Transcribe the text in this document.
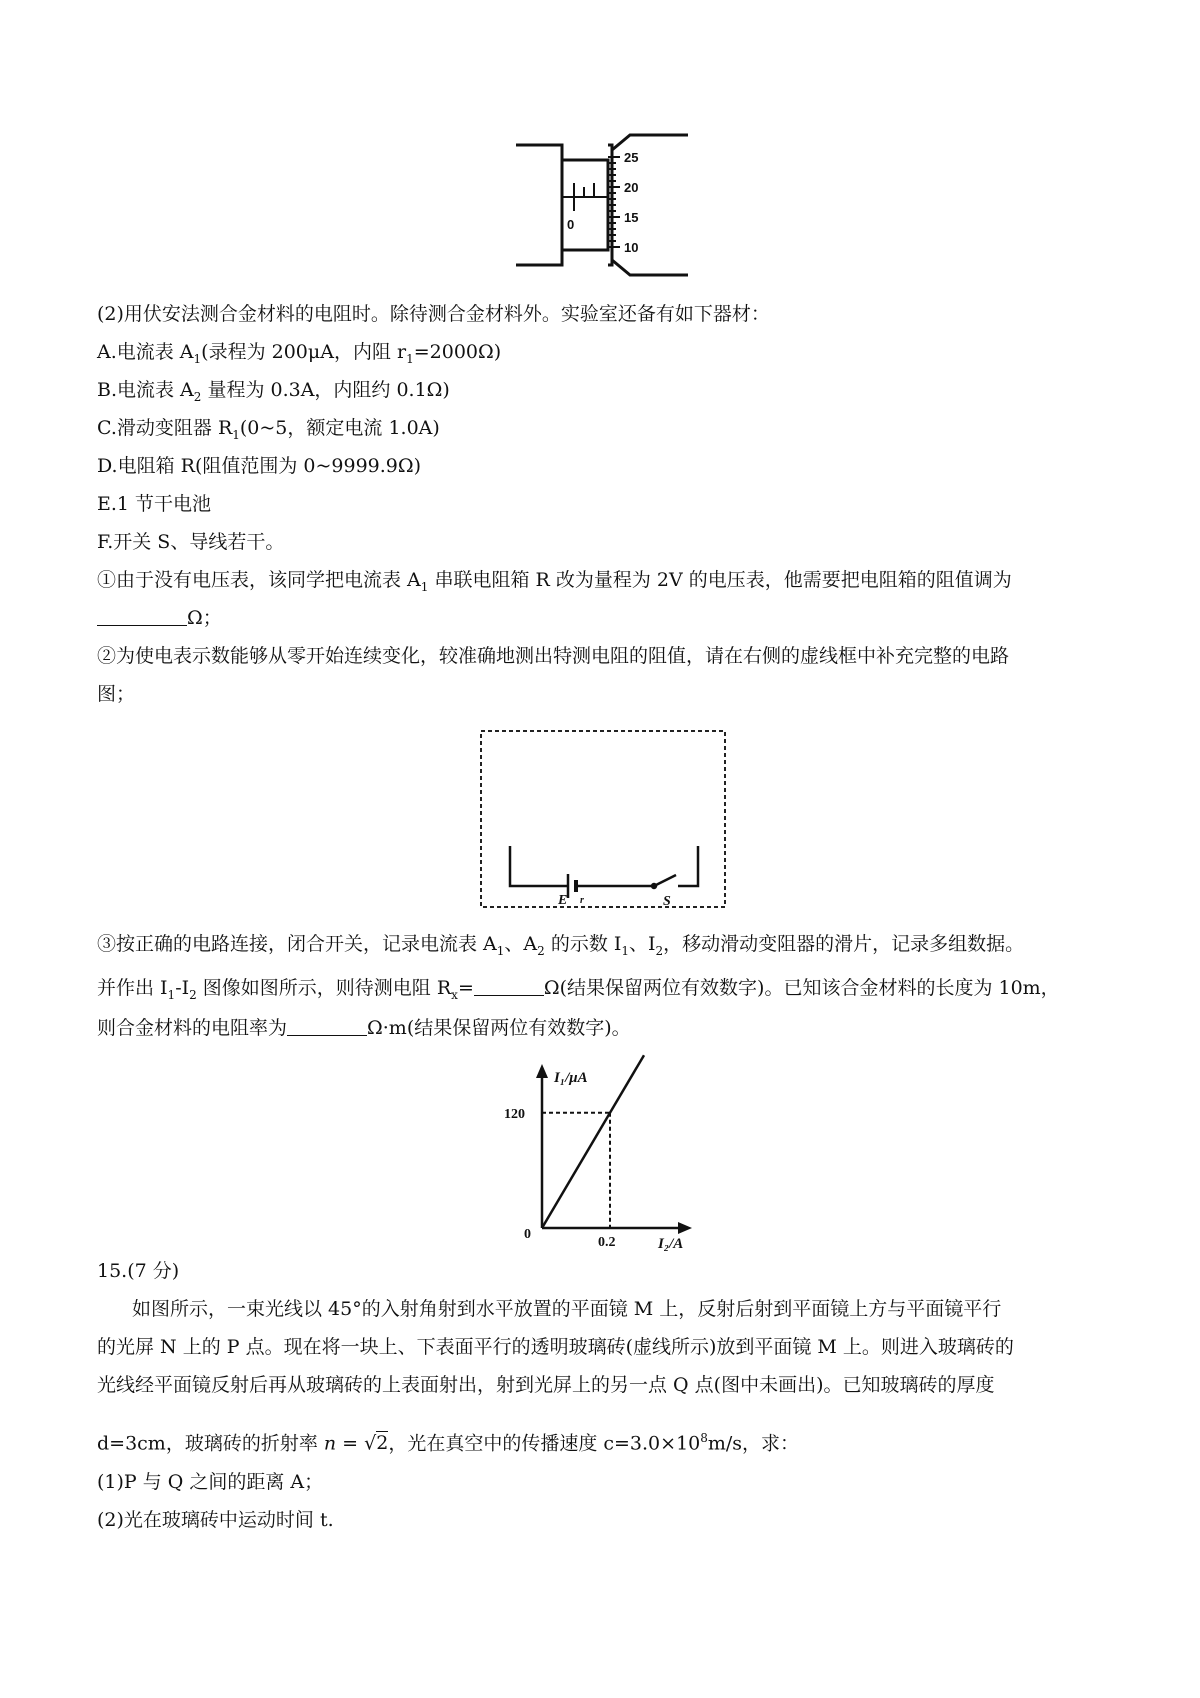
25
20
15
10
0
(2)用伏安法测合金材料的电阻时。除待测合金材料外。实验室还备有如下器材：
A.电流表 $A_1$(录程为 200μA，内阻 $r_1=2000\Omega$)
B.电流表 $A_2$ 量程为 0.3A，内阻约 0.1Ω)
C.滑动变阻器 $R_1(0\sim 5$，额定电流 1.0A)
D.电阻箱 R(阻值范围为 0~9999.9Ω)
E.1 节干电池
F.开关 S、导线若干。
①由于没有电压表，该同学把电流表 $A_1$ 串联电阻箱 R 改为量程为 2V 的电压表，他需要把电阻箱的阻值调为
Ω；
②为使电表示数能够从零开始连续变化，较准确地测出特测电阻的阻值，请在右侧的虚线框中补充完整的电路
图；
E r	S
③按正确的电路连接，闭合开关，记录电流表 $A_1$、$A_2$ 的示数 $I_1$、$I_2$，移动滑动变阻器的滑片，记录多组数据。
并作出 $I_1-I_2$ 图像如图所示，则待测电阻 $R_x=$	Ω(结果保留两位有效数字)。已知该合金材料的长度为 10m，
则合金材料的电阻率为	Ω·m(结果保留两位有效数字)。
I₁/μA
I₂/A
0
120
0.2
15.(7 分)
如图所示，一束光线以 45°的入射角射到水平放置的平面镜 M 上，反射后射到平面镜上方与平面镜平行
的光屏 N 上的 P 点。现在将一块上、下表面平行的透明玻璃砖(虚线所示)放到平面镜 M 上。则进入玻璃砖的
光线经平面镜反射后再从玻璃砖的上表面射出，射到光屏上的另一点 Q 点(图中未画出)。已知玻璃砖的厚度
d=3cm，玻璃砖的折射率 n = √2，光在真空中的传播速度 $c=3.0\times 10^8m/s$，求：
(1)P 与 Q 之间的距离 A；
(2)光在玻璃砖中运动时间 t.
